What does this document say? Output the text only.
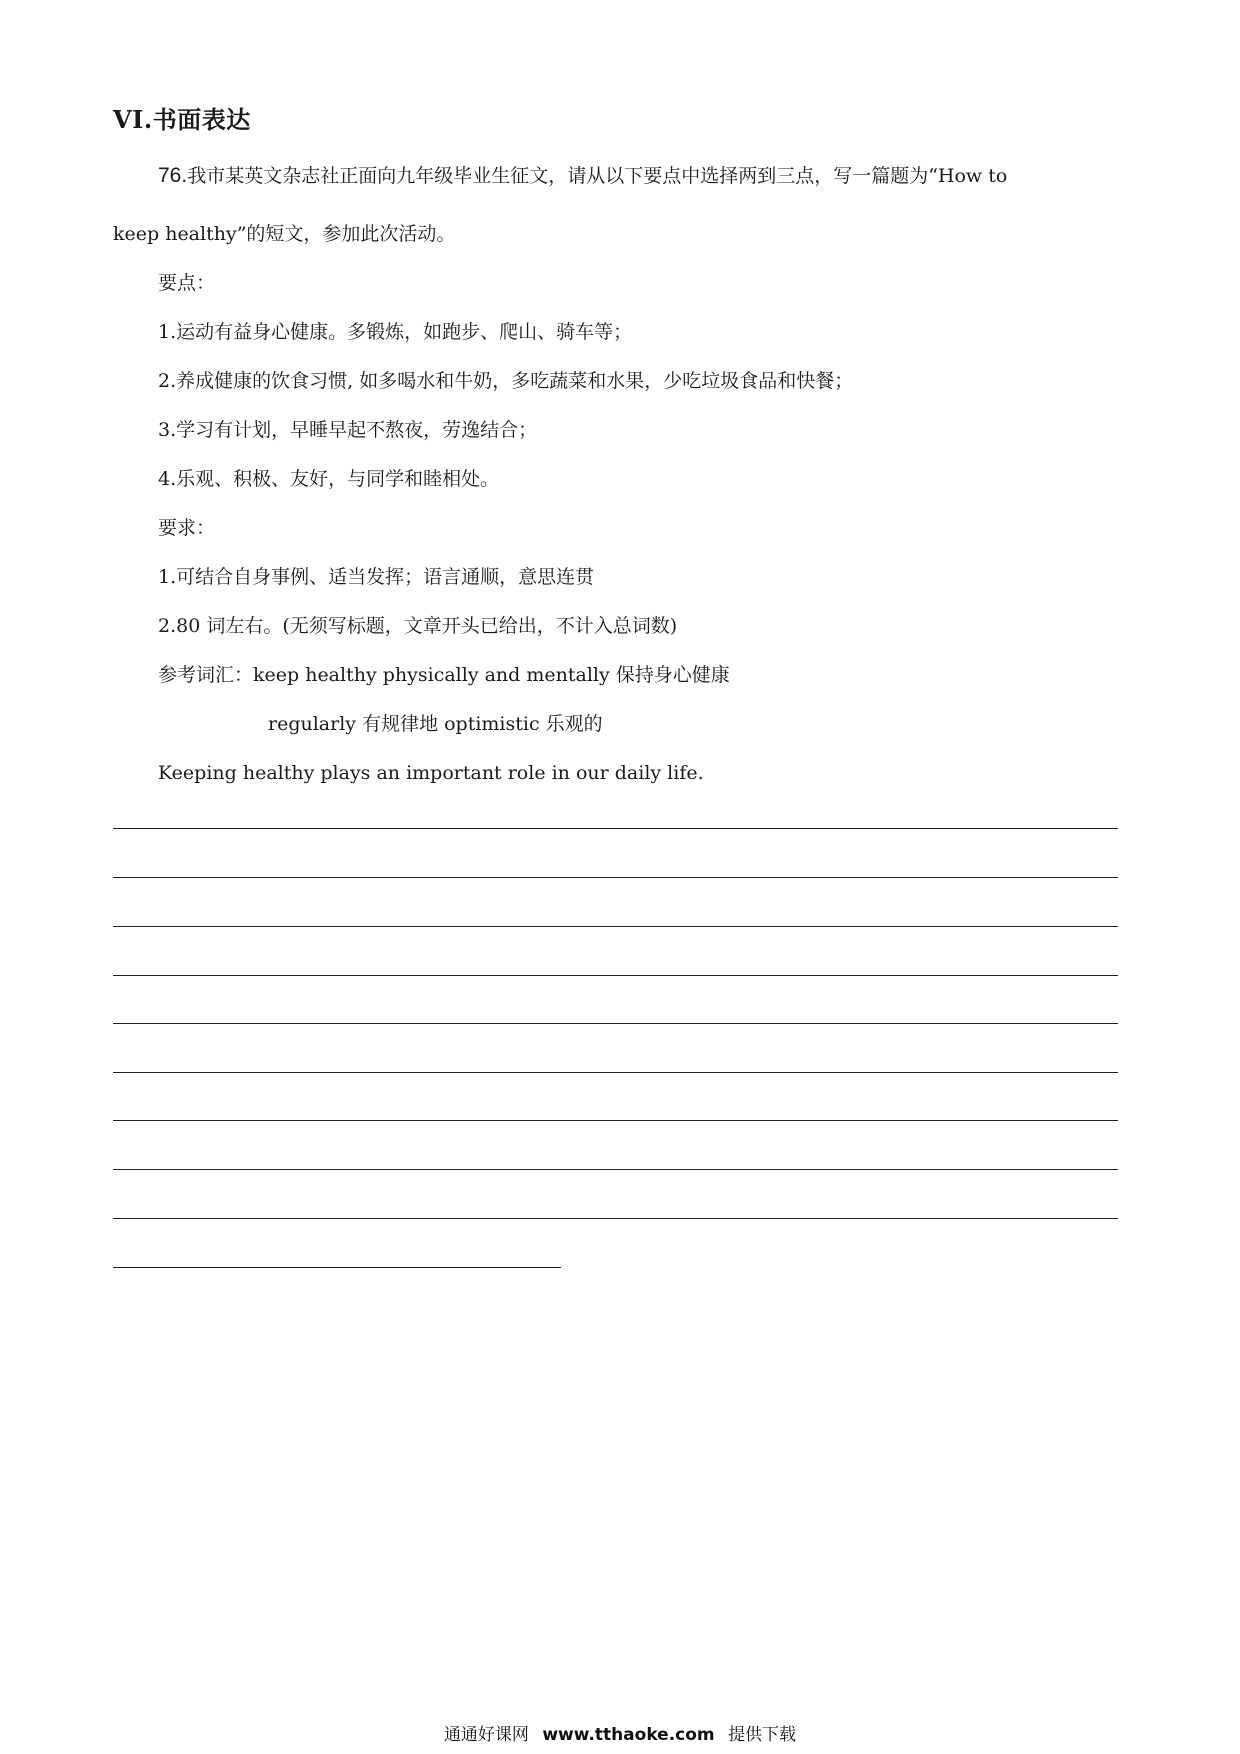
VI.书面表达
76.我市某英文杂志社正面向九年级毕业生征文，请从以下要点中选择两到三点，写一篇题为“How to
keep healthy”的短文，参加此次活动。
要点：
1.运动有益身心健康。多锻炼，如跑步、爬山、骑车等；
2.养成健康的饮食习惯, 如多喝水和牛奶，多吃蔬菜和水果，少吃垃圾食品和快餐；
3.学习有计划，早睡早起不熬夜，劳逸结合；
4.乐观、积极、友好，与同学和睦相处。
要求：
1.可结合自身事例、适当发挥；语言通顺，意思连贯
2.80 词左右。(无须写标题，文章开头已给出，不计入总词数)
参考词汇：keep healthy physically and mentally 保持身心健康
regularly 有规律地 optimistic 乐观的
Keeping healthy plays an important role in our daily life.
通通好课网 www.tthaoke.com 提供下载
